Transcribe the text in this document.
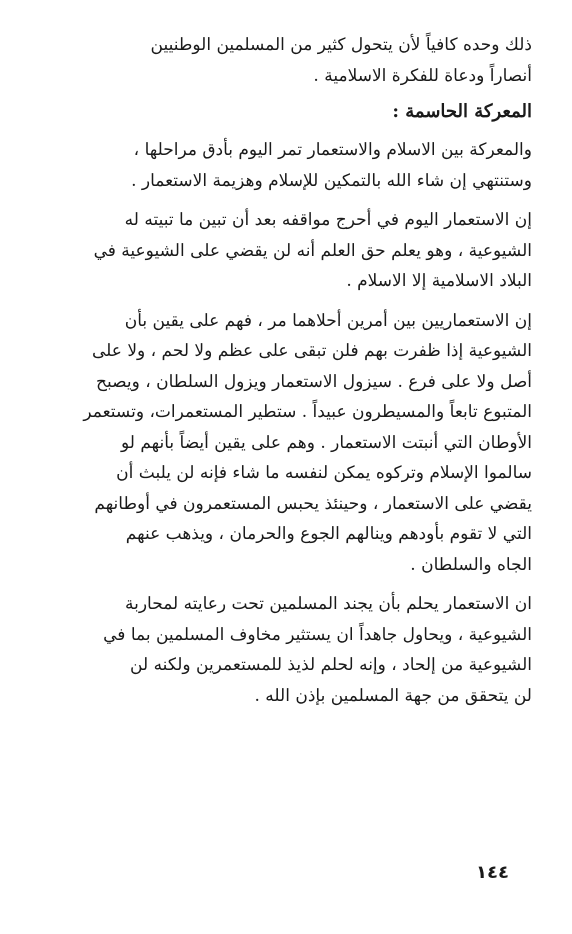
ذلك وحده كافياً لأن يتحول كثير من المسلمين الوطنيين
أنصاراً ودعاة للفكرة الاسلامية .

المعركة الحاسمة :

والمعركة بين الاسلام والاستعمار تمر اليوم بأدق مراحلها ،
وستنتهي إن شاء الله بالتمكين للإسلام وهزيمة الاستعمار .

إن الاستعمار اليوم في أحرج مواقفه بعد أن تبين ما تبيته له
الشيوعية ، وهو يعلم حق العلم أنه لن يقضي على الشيوعية في
البلاد الاسلامية إلا الاسلام .

إن الاستعماريين بين أمرين أحلاهما مر ، فهم على يقين بأن
الشيوعية إذا ظفرت بهم فلن تبقى على عظم ولا لحم ، ولا على
أصل ولا على فرع . سيزول الاستعمار ويزول السلطان ، ويصبح
المتبوع تابعاً والمسيطرون عبيداً . ستطير المستعمرات، وتستعمر
الأوطان التي أنبتت الاستعمار . وهم على يقين أيضاً بأنهم لو
سالموا الإسلام وتركوه يمكن لنفسه ما شاء فإنه لن يلبث أن
يقضي على الاستعمار ، وحينئذ يحبس المستعمرون في أوطانهم
التي لا تقوم بأودهم وينالهم الجوع والحرمان ، ويذهب عنهم
الجاه والسلطان .

ان الاستعمار يحلم بأن يجند المسلمين تحت رعايته لمحاربة
الشيوعية ، ويحاول جاهداً ان يستثير مخاوف المسلمين بما في
الشيوعية من إلحاد ، وإنه لحلم لذيذ للمستعمرين ولكنه لن
لن يتحقق من جهة المسلمين بإذن الله .

١٤٤
